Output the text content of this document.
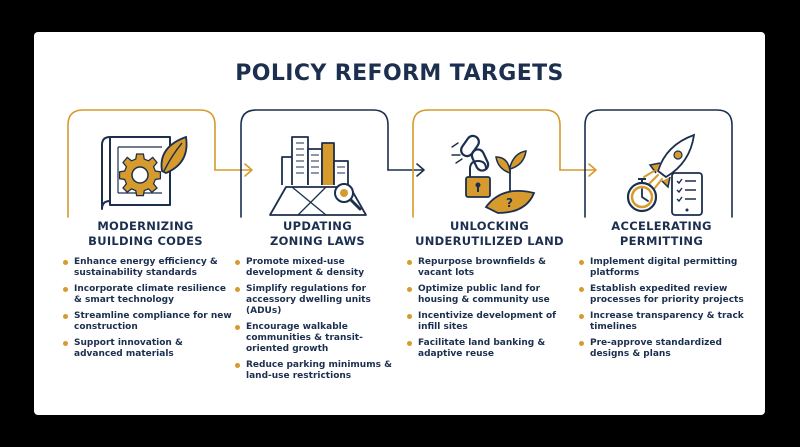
POLICY REFORM TARGETS
MODERNIZING
BUILDING CODES
Enhance energy efficiency & sustainability standards
Incorporate climate resilience & smart technology
Streamline compliance for new construction
Support innovation & advanced materials
UPDATING
ZONING LAWS
Promote mixed-use development & density
Simplify regulations for accessory dwelling units (ADUs)
Encourage walkable communities & transit-oriented growth
Reduce parking minimums & land-use restrictions
?
UNLOCKING
UNDERUTILIZED LAND
Repurpose brownfields & vacant lots
Optimize public land for housing & community use
Incentivize development of infill sites
Facilitate land banking & adaptive reuse
ACCELERATING
PERMITTING
Implement digital permitting platforms
Establish expedited review processes for priority projects
Increase transparency & track timelines
Pre-approve standardized designs & plans
